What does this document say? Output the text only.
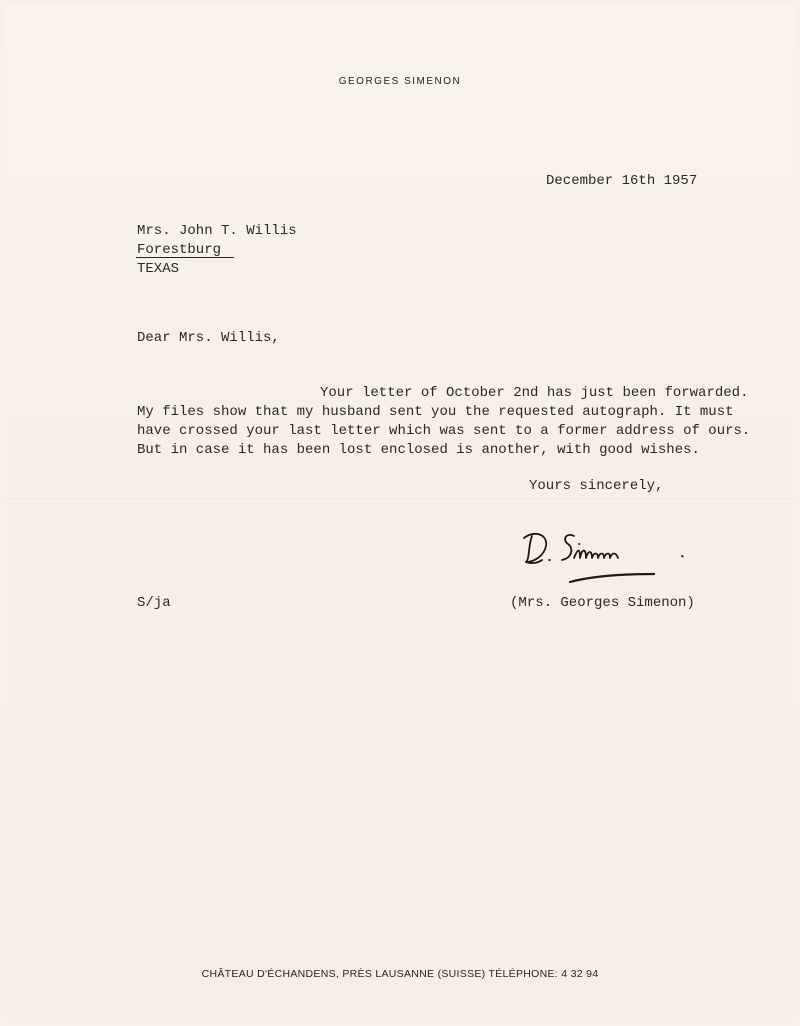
GEORGES SIMENON
December 16th 1957
Mrs. John T. Willis
Forestburg
TEXAS
Dear Mrs. Willis,
Your letter of October 2nd has just been forwarded.
My files show that my husband sent you the requested autograph. It must
have crossed your last letter which was sent to a former address of ours.
But in case it has been lost enclosed is another, with good wishes.
Yours sincerely,
S/ja	(Mrs. Georges Simenon)
CHÂTEAU D'ÉCHANDENS, PRÈS LAUSANNE (SUISSE) TÉLÉPHONE: 4 32 94
